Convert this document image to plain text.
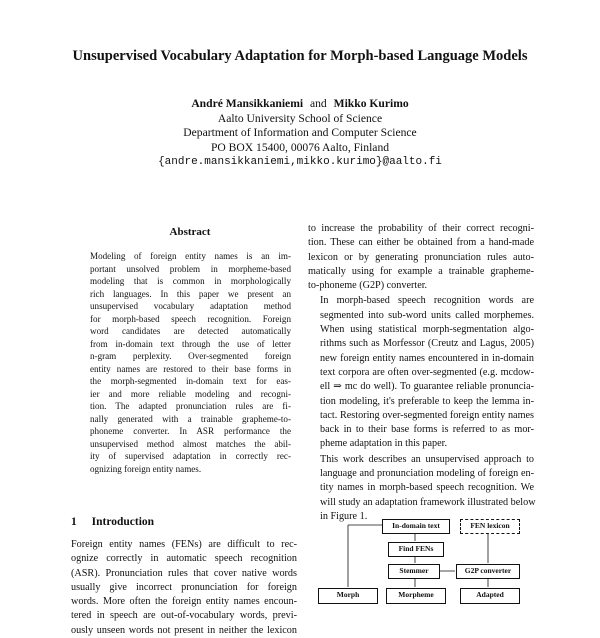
Unsupervised Vocabulary Adaptation for Morph-based Language Models
André Mansikkaniemi and Mikko Kurimo
Aalto University School of Science
Department of Information and Computer Science
PO BOX 15400, 00076 Aalto, Finland
{andre.mansikkaniemi,mikko.kurimo}@aalto.fi
Abstract
Modeling of foreign entity names is an im-
portant unsolved problem in morpheme-based
modeling that is common in morphologically
rich languages. In this paper we present an
unsupervised vocabulary adaptation method
for morph-based speech recognition. Foreign
word candidates are detected automatically
from in-domain text through the use of letter
n-gram perplexity. Over-segmented foreign
entity names are restored to their base forms in
the morph-segmented in-domain text for eas-
ier and more reliable modeling and recogni-
tion. The adapted pronunciation rules are fi-
nally generated with a trainable grapheme-to-
phoneme converter. In ASR performance the
unsupervised method almost matches the abil-
ity of supervised adaptation in correctly rec-
ognizing foreign entity names.
1 Introduction
Foreign entity names (FENs) are difficult to rec-
ognize correctly in automatic speech recognition
(ASR). Pronunciation rules that cover native words
usually give incorrect pronunciation for foreign
words. More often the foreign entity names encoun-
tered in speech are out-of-vocabulary words, previ-
ously unseen words not present in neither the lexicon

to increase the probability of their correct recogni-
tion. These can either be obtained from a hand-made
lexicon or by generating pronunciation rules auto-
matically using for example a trainable grapheme-
to-phoneme (G2P) converter.

In morph-based speech recognition words are
segmented into sub-word units called morphemes.
When using statistical morph-segmentation algo-
rithms such as Morfessor (Creutz and Lagus, 2005)
new foreign entity names encountered in in-domain
text corpora are often over-segmented (e.g. mcdow-
ell ⇒ mc do well). To guarantee reliable pronuncia-
tion modeling, it's preferable to keep the lemma in-
tact. Restoring over-segmented foreign entity names
back in to their base forms is referred to as mor-
pheme adaptation in this paper.

This work describes an unsupervised approach to
language and pronunciation modeling of foreign en-
tity names in morph-based speech recognition. We
will study an adaptation framework illustrated below
in Figure 1.

In-domain text	FEN lexicon
Find FENs
Stemmer	G2P converter
Morph	Morpheme	Adapted
